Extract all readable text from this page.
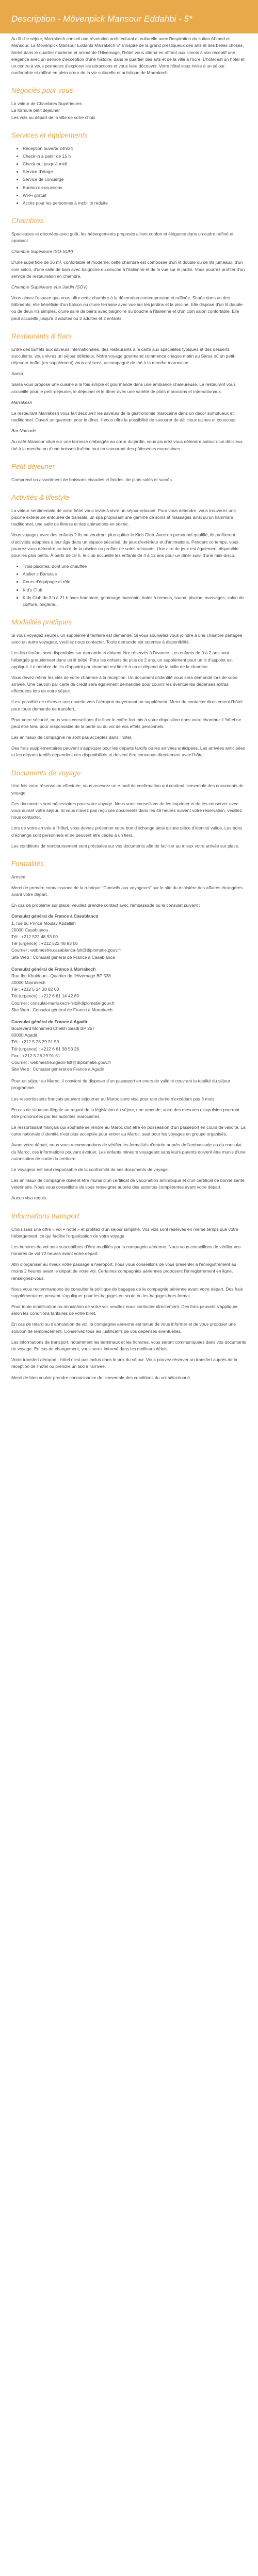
Description - Mövenpick Mansour Eddahbi - 5*

Au fil d'le séjour, Marrakech conseil une révolution architectural et culturelle avec l'inspiration du sultan Ahmed el Mansour. La Mövenpick Mansour Eddahbi Marrakech 5* s'inspire de la grand prestiqueux des arts et des belles choses. Niché dans le quartier moderne et animé de l'Hivernage, l'hôtel vous attend en offrant aux clients à son réceptif une élégance avec un service d'exception d'une histoire, dans le quartier des arts et de la ville à l'ocre. L'hôtel est un hôtel et un centre à vous permettre d'explorer les attractions et vous faire découvrir. Votre hôtel vous invite à un séjour confortable et raffiné en plein cœur de la vie culturelle et artistique de Marrakech.

Négociés pour vous
La valeur de Chambres Supérieures
La formule petit déjeuner
Les vols au départ de la ville de votre choix
Services et équipements
• Réception ouverte 24h/24
• Check-in à partir de 15 h
• Check-out jusqu'à midi
• Service d'étage
• Service de concierge
• Bureau d'excursions
• Wi-Fi gratuit
• Accès pour les personnes à mobilité réduite
Chambres

Spacieuses et décorées avec goût, les hébergements proposés allient confort et élégance dans un cadre raffiné et apaisant.

Chambre Supérieure (SO-SUP)

D'une superficie de 36 m², confortable et moderne, cette chambre est composée d'un lit double ou de lits jumeaux, d'un coin salon, d'une salle de bain avec baignoire ou douche à l'italienne et de la vue sur le jardin. Vous pourrez profiter d'un service de restauration en chambre.

Chambre Supérieure Vue Jardin (SOV)

Vous aimez l'espace que vous offre cette chambre à la décoration contemporaine et raffinée. Située dans un des bâtiments, elle bénéficie d'un balcon ou d'une terrasse avec vue sur les jardins et la piscine. Elle dispose d'un lit double ou de deux lits simples, d'une salle de bains avec baignoire ou douche à l'italienne et d'un coin salon confortable. Elle peut accueillir jusqu'à 3 adultes ou 2 adultes et 2 enfants.

Restaurants & Bars

Entre des buffets aux saveurs internationales, des restaurants à la carte aux spécialités typiques et des desserts succulents, vous vivrez un séjour délicieux. Notre voyage gourmand commence chaque matin au Sarsa où un petit-déjeuner buffet (en supplément) vous est servi, accompagné de thé à la menthe marocaine.

Sarsa

Sarsa vous propose une cuisine à la fois simple et gourmande dans une ambiance chaleureuse. Le restaurant vous accueille pour le petit-déjeuner, le déjeuner et le dîner avec une variété de plats marocains et internationaux.

Marrakesh

Le restaurant Marrakesh vous fait découvrir les saveurs de la gastronomie marocaine dans un décor somptueux et traditionnel. Ouvert uniquement pour le dîner, il vous offre la possibilité de savourer de délicieux tajines et couscous.

Bar Nomade

Au café Mansour situé sur une terrasse ombragée au cœur du jardin, vous pourrez vous détendre autour d'un délicieux thé à la menthe ou d'une boisson fraîche tout en savourant des pâtisseries marocaines.

Petit-déjeuner

Comprend un assortiment de boissons chaudes et froides, de plats salés et sucrés.

Activités & lifestyle

La valeur sentimentale de votre hôtel vous invite à vivre un séjour relaxant. Pour vous détendre, vous trouverez une piscine extérieure entourée de transats, un spa proposant une gamme de soins et massages ainsi qu'un hammam traditionnel, une salle de fitness et des animations en soirée.

Vous voyagez avec des enfants ? Ils ne voudront plus quitter le Kids Club. Avec un personnel qualifié, ils profiteront d'activités adaptées à leur âge dans un espace sécurisé, de jeux d'extérieur et d'animations. Pendant ce temps, vous pourrez vous détendre au bord de la piscine ou profiter de soins relaxants. Une aire de jeux est également disponible pour les plus petits. À partir de 18 h, le club accueille les enfants de 4 à 12 ans pour un dîner suivi d'une mini-disco.

• Trois piscines, dont une chauffée
• Atelier « Barista »
• Cours d'équipage et rôle
• Kid's Club
• Kids Club de 3 h à 21 h avec hammam, gommage marocain, bains à remous, sauna, piscine, massages, salon de coiffure, onglerie...
Modalités pratiques

Si vous voyagez seul(e), un supplément tarifaire est demandé. Si vous souhaitez vous joindre à une chambre partagée avec un autre voyageur, veuillez nous contacter. Toute demande est soumise à disponibilité.

Les lits d'enfant sont disponibles sur demande et doivent être réservés à l'avance. Les enfants de 0 à 2 ans sont hébergés gratuitement dans un lit bébé. Pour les enfants de plus de 2 ans, un supplément pour un lit d'appoint est appliqué. Le nombre de lits d'appoint par chambre est limité à un et dépend de la taille de la chambre.

Vous devez retirer les clés de votre chambre à la réception. Un document d'identité vous sera demandé lors de votre arrivée. Une caution par carte de crédit sera également demandée pour couvrir les éventuelles dépenses extras effectuées lors de votre séjour.

Il est possible de réserver une navette vers l'aéroport moyennant un supplément. Merci de contacter directement l'hôtel pour toute demande de transfert.

Pour votre sécurité, nous vous conseillons d'utiliser le coffre-fort mis à votre disposition dans votre chambre. L'hôtel ne peut être tenu pour responsable de la perte ou du vol de vos effets personnels.

Les animaux de compagnie ne sont pas acceptés dans l'hôtel.

Des frais supplémentaires peuvent s'appliquer pour les départs tardifs ou les arrivées anticipées. Les arrivées anticipées et les départs tardifs dépendent des disponibilités et doivent être convenus directement avec l'hôtel.

Documents de voyage

Une fois votre réservation effectuée, vous recevrez un e-mail de confirmation qui contient l'ensemble des documents de voyage.

Ces documents sont nécessaires pour votre voyage. Nous vous conseillons de les imprimer et de les conserver avec vous durant votre séjour. Si vous n'avez pas reçu ces documents dans les 48 heures suivant votre réservation, veuillez nous contacter.

Lors de votre arrivée à l'hôtel, vous devrez présenter votre bon d'échange ainsi qu'une pièce d'identité valide. Les bons d'échange sont personnels et ne peuvent être cédés à un tiers.

Les conditions de remboursement sont précisées sur vos documents afin de faciliter au mieux votre arrivée sur place.

Formalités

Arrivée

Merci de prendre connaissance de la rubrique "Conseils aux voyageurs" sur le site du ministère des affaires étrangères avant votre départ.

En cas de problème sur place, veuillez prendre contact avec l'ambassade ou le consulat suivant :

Consulat général de France à Casablanca
1, rue du Prince Moulay Abdallah
20000 Casablanca
Tél : +212 522 48 93 00
Tél (urgence) : +212 522 48 93 00
Courriel : webmestre.casablanca-fslt@diplomatie.gouv.fr
Site Web : Consulat général de France à Casablanca
Consulat général de France à Marrakech
Rue Ibn Khaldoun - Quartier de l'Hivernage BP 538
40000 Marrakech
Tél : +212 5 24 38 82 00
Tél (urgence) : +212 6 61 14 42 89
Courriel : consulat-marrakech-fslt@diplomatie.gouv.fr
Site Web : Consulat général de France à Marrakech
Consulat général de France à Agadir
Boulevard Mohamed Cheikh Saadi BP 267
80000 Agadir
Tél : +212 5 28 29 91 50
Tél (urgence) : +212 6 61 38 53 28
Fax : +212 5 28 29 91 51
Courriel : webmestre.agadir-fslt@diplomatie.gouv.fr
Site Web : Consulat général de France à Agadir

Pour un séjour au Maroc, il convient de disposer d'un passeport en cours de validité couvrant la totalité du séjour programmé.

Les ressortissants français peuvent séjourner au Maroc sans visa pour une durée n'excédant pas 3 mois.

En cas de situation illégale au regard de la législation du séjour, une amende, voire des mesures d'expulsion pourront être prononcées par les autorités marocaines.

Le ressortissant français qui souhaite se rendre au Maroc doit être en possession d'un passeport en cours de validité. La carte nationale d'identité n'est plus acceptée pour entrer au Maroc, sauf pour les voyages en groupe organisés.

Avant votre départ, nous vous recommandons de vérifier les formalités d'entrée auprès de l'ambassade ou du consulat du Maroc, ces informations pouvant évoluer. Les enfants mineurs voyageant sans leurs parents doivent être munis d'une autorisation de sortie du territoire.

Le voyageur est seul responsable de la conformité de ses documents de voyage.

Les animaux de compagnie doivent être munis d'un certificat de vaccination antirabique et d'un certificat de bonne santé vétérinaire. Nous vous conseillons de vous renseigner auprès des autorités compétentes avant votre départ.

Aucun visa requis

Informations transport

Choisissez une offre « vol + hôtel » et profitez d'un séjour simplifié. Vos vols sont réservés en même temps que votre hébergement, ce qui facilite l'organisation de votre voyage.

Les horaires de vol sont susceptibles d'être modifiés par la compagnie aérienne. Nous vous conseillons de vérifier vos horaires de vol 72 heures avant votre départ.

Afin d'organiser au mieux votre passage à l'aéroport, nous vous conseillons de vous présenter à l'enregistrement au moins 2 heures avant le départ de votre vol. Certaines compagnies aériennes proposent l'enregistrement en ligne, renseignez-vous.

Nous vous recommandons de consulter la politique de bagages de la compagnie aérienne avant votre départ. Des frais supplémentaires peuvent s'appliquer pour les bagages en soute ou les bagages hors format.

Pour toute modification ou annulation de votre vol, veuillez nous contacter directement. Des frais peuvent s'appliquer selon les conditions tarifaires de votre billet.

En cas de retard ou d'annulation de vol, la compagnie aérienne est tenue de vous informer et de vous proposer une solution de remplacement. Conservez tous les justificatifs de vos dépenses éventuelles.

Les informations de transport, notamment les terminaux et les horaires, vous seront communiquées dans vos documents de voyage. En cas de changement, vous serez informé dans les meilleurs délais.

Votre transfert aéroport - hôtel n'est pas inclus dans le prix du séjour. Vous pouvez réserver un transfert auprès de la réception de l'hôtel ou prendre un taxi à l'arrivée.

Merci de bien vouloir prendre connaissance de l'ensemble des conditions du vol sélectionné.
